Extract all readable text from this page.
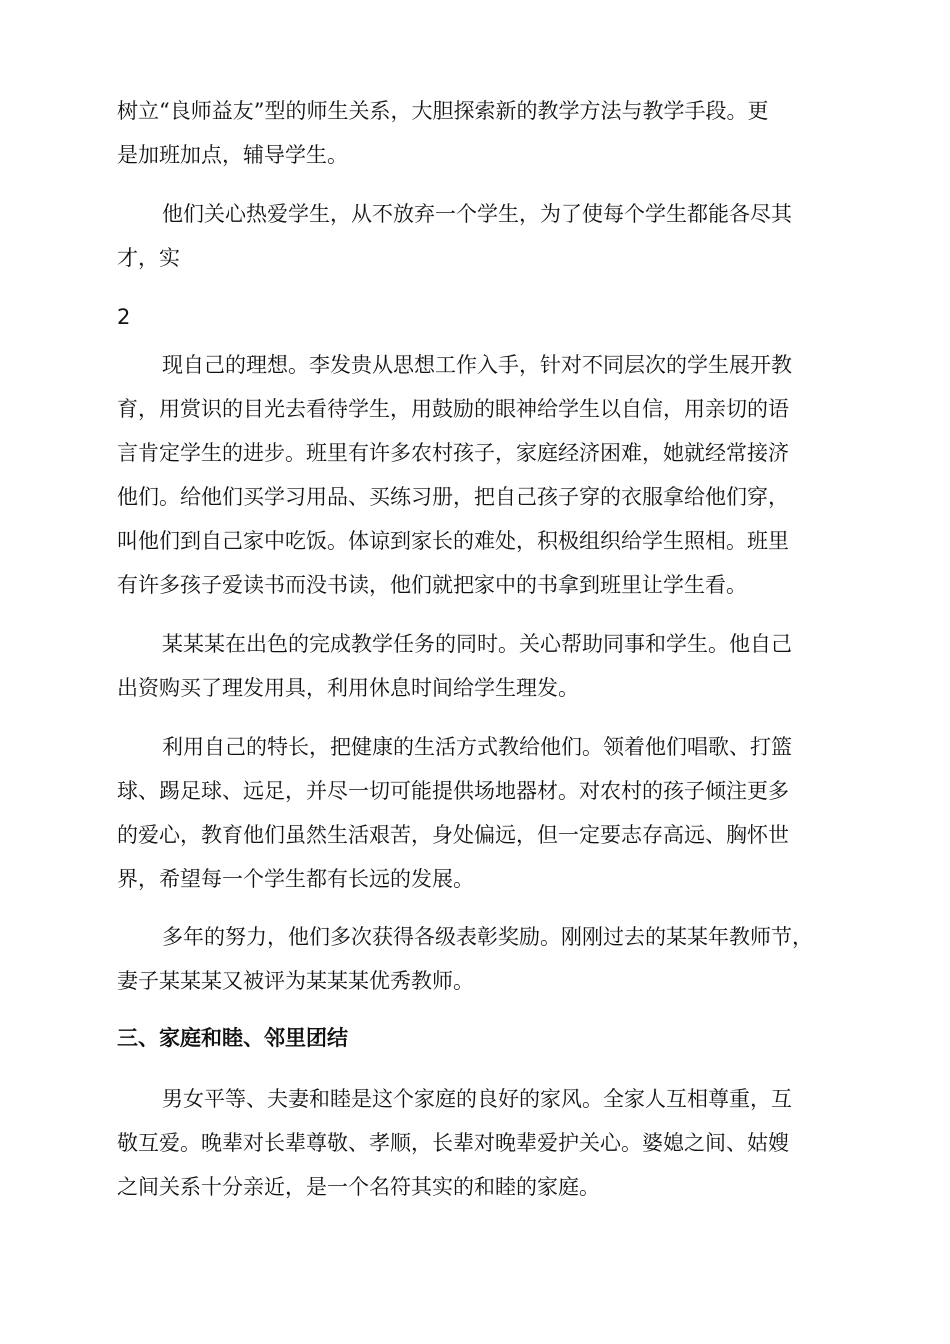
树立“良师益友”型的师生关系，大胆探索新的教学方法与教学手段。更
是加班加点，辅导学生。
他们关心热爱学生，从不放弃一个学生，为了使每个学生都能各尽其
才，实
2
现自己的理想。李发贵从思想工作入手，针对不同层次的学生展开教
育，用赏识的目光去看待学生，用鼓励的眼神给学生以自信，用亲切的语
言肯定学生的进步。班里有许多农村孩子，家庭经济困难，她就经常接济
他们。给他们买学习用品、买练习册，把自己孩子穿的衣服拿给他们穿，
叫他们到自己家中吃饭。体谅到家长的难处，积极组织给学生照相。班里
有许多孩子爱读书而没书读，他们就把家中的书拿到班里让学生看。
某某某在出色的完成教学任务的同时。关心帮助同事和学生。他自己
出资购买了理发用具，利用休息时间给学生理发。
利用自己的特长，把健康的生活方式教给他们。领着他们唱歌、打篮
球、踢足球、远足，并尽一切可能提供场地器材。对农村的孩子倾注更多
的爱心，教育他们虽然生活艰苦，身处偏远，但一定要志存高远、胸怀世
界，希望每一个学生都有长远的发展。
多年的努力，他们多次获得各级表彰奖励。刚刚过去的某某年教师节，
妻子某某某又被评为某某某优秀教师。
三、家庭和睦、邻里团结
男女平等、夫妻和睦是这个家庭的良好的家风。全家人互相尊重，互
敬互爱。晚辈对长辈尊敬、孝顺，长辈对晚辈爱护关心。婆媳之间、姑嫂
之间关系十分亲近，是一个名符其实的和睦的家庭。
